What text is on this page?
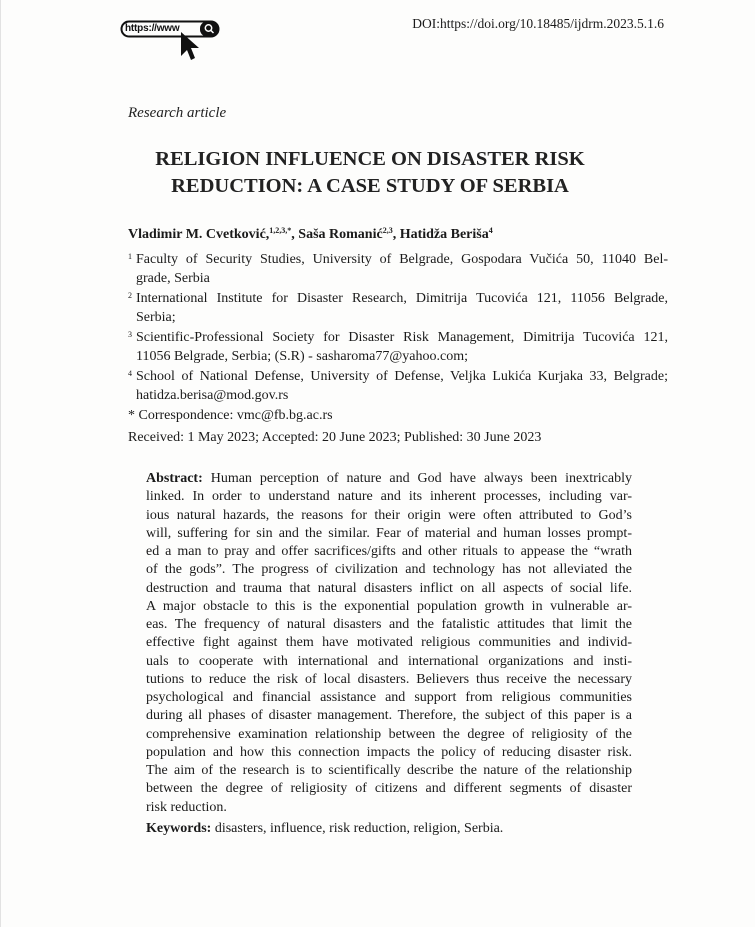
https://www	DOI:https://doi.org/10.18485/ijdrm.2023.5.1.6
Research article
RELIGION INFLUENCE ON DISASTER RISK
REDUCTION: A CASE STUDY OF SERBIA
Vladimir M. Cvetković,$^{1,2,3,*}$, Saša Romanić$^{2,3}$, Hatidža Beriša$^4$
1 Faculty of Security Studies, University of Belgrade, Gospodara Vučića 50, 11040 Bel-
grade, Serbia
2 International Institute for Disaster Research, Dimitrija Tucovića 121, 11056 Belgrade,
Serbia;
3 Scientific-Professional Society for Disaster Risk Management, Dimitrija Tucovića 121,
11056 Belgrade, Serbia; (S.R) - sasharoma77@yahoo.com;
4 School of National Defense, University of Defense, Veljka Lukića Kurjaka 33, Belgrade;
hatidza.berisa@mod.gov.rs
* Correspondence: vmc@fb.bg.ac.rs
Received: 1 May 2023; Accepted: 20 June 2023; Published: 30 June 2023
Abstract: Human perception of nature and God have always been inextricably
linked. In order to understand nature and its inherent processes, including var-
ious natural hazards, the reasons for their origin were often attributed to God’s
will, suffering for sin and the similar. Fear of material and human losses prompt-
ed a man to pray and offer sacrifices/gifts and other rituals to appease the “wrath
of the gods”. The progress of civilization and technology has not alleviated the
destruction and trauma that natural disasters inflict on all aspects of social life.
A major obstacle to this is the exponential population growth in vulnerable ar-
eas. The frequency of natural disasters and the fatalistic attitudes that limit the
effective fight against them have motivated religious communities and individ-
uals to cooperate with international and international organizations and insti-
tutions to reduce the risk of local disasters. Believers thus receive the necessary
psychological and financial assistance and support from religious communities
during all phases of disaster management. Therefore, the subject of this paper is a
comprehensive examination relationship between the degree of religiosity of the
population and how this connection impacts the policy of reducing disaster risk.
The aim of the research is to scientifically describe the nature of the relationship
between the degree of religiosity of citizens and different segments of disaster
risk reduction.
Keywords: disasters, influence, risk reduction, religion, Serbia.
